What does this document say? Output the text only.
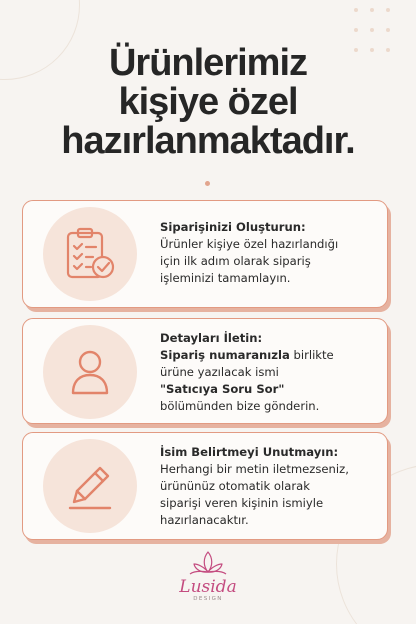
Ürünlerimiz
kişiye özel
hazırlanmaktadır.
Siparişinizi Oluşturun:
Ürünler kişiye özel hazırlandığı
için ilk adım olarak sipariş
işleminizi tamamlayın.
Detayları İletin:
Sipariş numaranızla birlikte
ürüne yazılacak ismi
"Satıcıya Soru Sor"
bölümünden bize gönderin.
İsim Belirtmeyi Unutmayın:
Herhangi bir metin iletmezseniz,
ürününüz otomatik olarak
siparişi veren kişinin ismiyle
hazırlanacaktır.
Lusida
DESIGN
